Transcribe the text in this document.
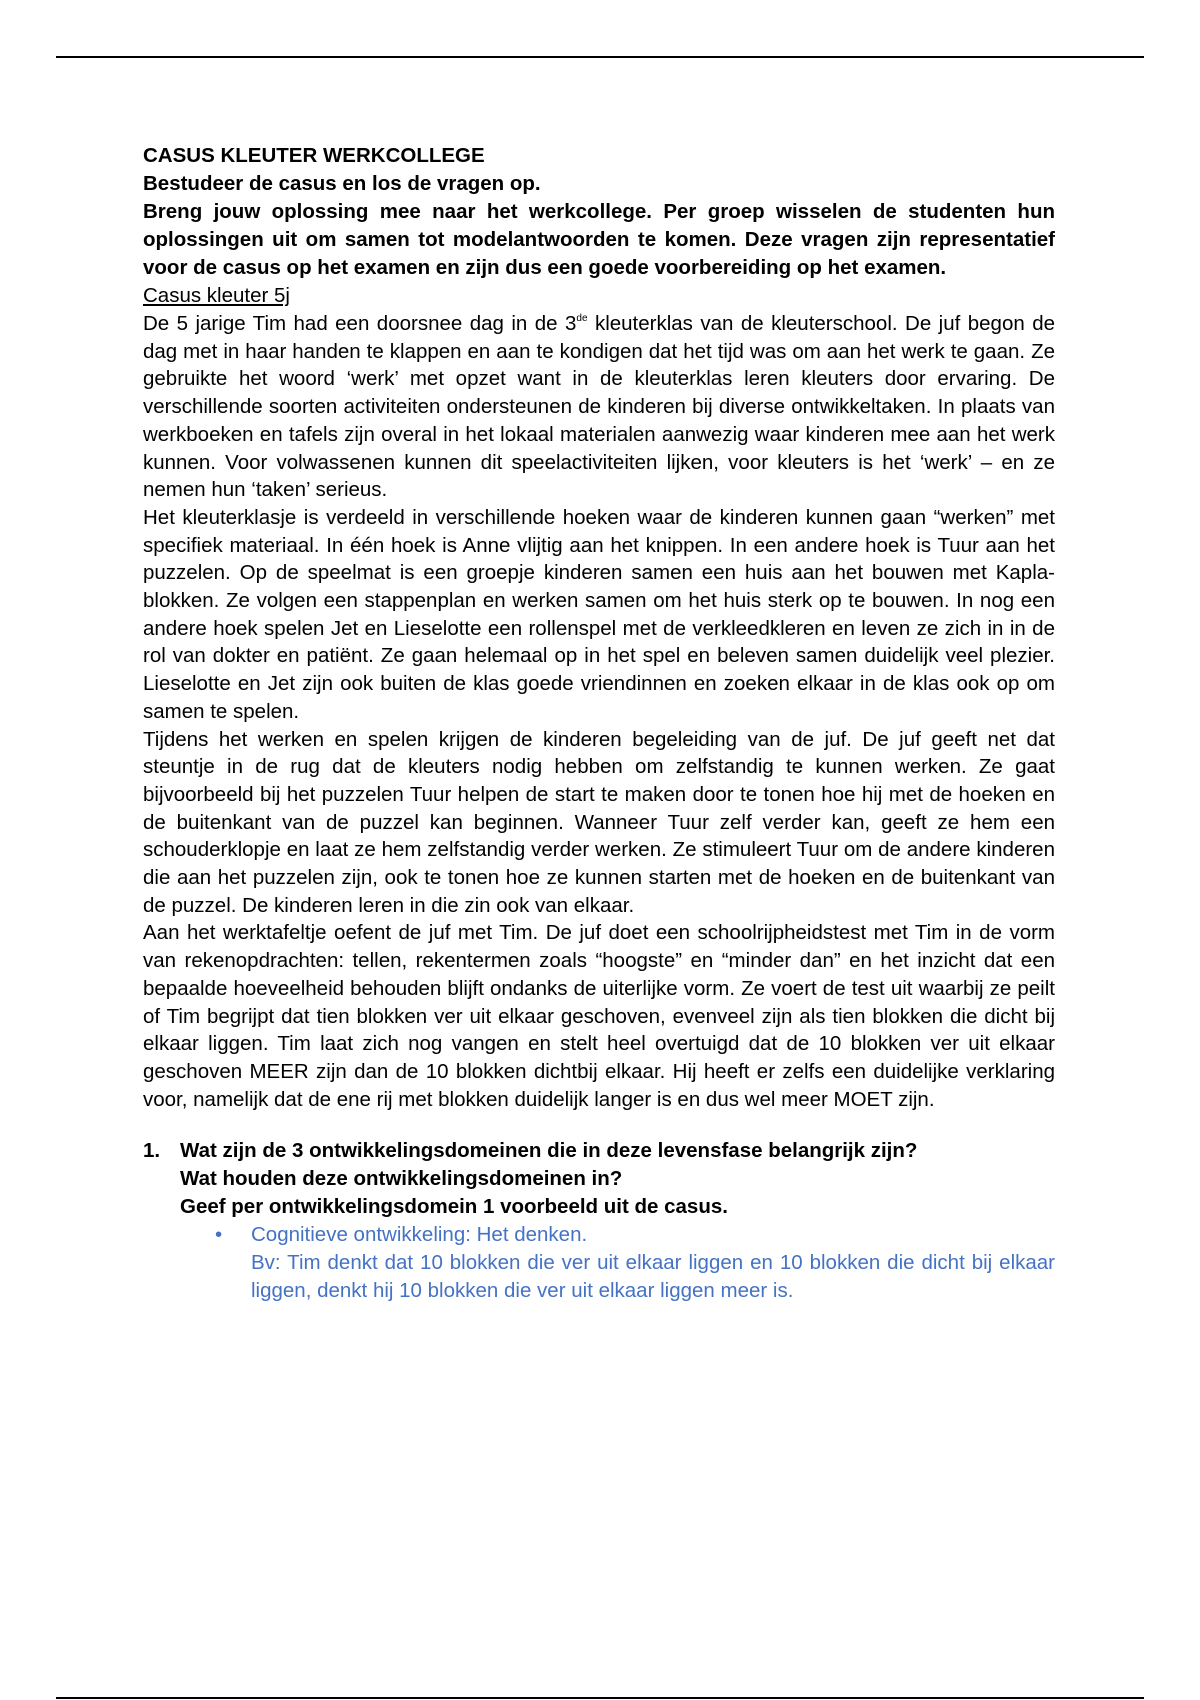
CASUS KLEUTER WERKCOLLEGE

Bestudeer de casus en los de vragen op.

Breng jouw oplossing mee naar het werkcollege. Per groep wisselen de studenten hun oplossingen uit om samen tot modelantwoorden te komen. Deze vragen zijn representatief voor de casus op het examen en zijn dus een goede voorbereiding op het examen.

Casus kleuter 5j

De 5 jarige Tim had een doorsnee dag in de 3de kleuterklas van de kleuterschool. De juf begon de dag met in haar handen te klappen en aan te kondigen dat het tijd was om aan het werk te gaan. Ze gebruikte het woord ‘werk’ met opzet want in de kleuterklas leren kleuters door ervaring. De verschillende soorten activiteiten ondersteunen de kinderen bij diverse ontwikkeltaken. In plaats van werkboeken en tafels zijn overal in het lokaal materialen aanwezig waar kinderen mee aan het werk kunnen. Voor volwassenen kunnen dit speelactiviteiten lijken, voor kleuters is het ‘werk’ – en ze nemen hun ‘taken’ serieus.

Het kleuterklasje is verdeeld in verschillende hoeken waar de kinderen kunnen gaan “werken” met specifiek materiaal. In één hoek is Anne vlijtig aan het knippen. In een andere hoek is Tuur aan het puzzelen. Op de speelmat is een groepje kinderen samen een huis aan het bouwen met Kapla-blokken. Ze volgen een stappenplan en werken samen om het huis sterk op te bouwen. In nog een andere hoek spelen Jet en Lieselotte een rollenspel met de verkleedkleren en leven ze zich in in de rol van dokter en patiënt. Ze gaan helemaal op in het spel en beleven samen duidelijk veel plezier. Lieselotte en Jet zijn ook buiten de klas goede vriendinnen en zoeken elkaar in de klas ook op om samen te spelen.

Tijdens het werken en spelen krijgen de kinderen begeleiding van de juf. De juf geeft net dat steuntje in de rug dat de kleuters nodig hebben om zelfstandig te kunnen werken. Ze gaat bijvoorbeeld bij het puzzelen Tuur helpen de start te maken door te tonen hoe hij met de hoeken en de buitenkant van de puzzel kan beginnen. Wanneer Tuur zelf verder kan, geeft ze hem een schouderklopje en laat ze hem zelfstandig verder werken. Ze stimuleert Tuur om de andere kinderen die aan het puzzelen zijn, ook te tonen hoe ze kunnen starten met de hoeken en de buitenkant van de puzzel. De kinderen leren in die zin ook van elkaar.

Aan het werktafeltje oefent de juf met Tim. De juf doet een schoolrijpheidstest met Tim in de vorm van rekenopdrachten: tellen, rekentermen zoals “hoogste” en “minder dan” en het inzicht dat een bepaalde hoeveelheid behouden blijft ondanks de uiterlijke vorm. Ze voert de test uit waarbij ze peilt of Tim begrijpt dat tien blokken ver uit elkaar geschoven, evenveel zijn als tien blokken die dicht bij elkaar liggen. Tim laat zich nog vangen en stelt heel overtuigd dat de 10 blokken ver uit elkaar geschoven MEER zijn dan de 10 blokken dichtbij elkaar. Hij heeft er zelfs een duidelijke verklaring voor, namelijk dat de ene rij met blokken duidelijk langer is en dus wel meer MOET zijn.

1. Wat zijn de 3 ontwikkelingsdomeinen die in deze levensfase belangrijk zijn?

Wat houden deze ontwikkelingsdomeinen in?

Geef per ontwikkelingsdomein 1 voorbeeld uit de casus.

• Cognitieve ontwikkeling: Het denken.

Bv: Tim denkt dat 10 blokken die ver uit elkaar liggen en 10 blokken die dicht bij elkaar liggen, denkt hij 10 blokken die ver uit elkaar liggen meer is.
